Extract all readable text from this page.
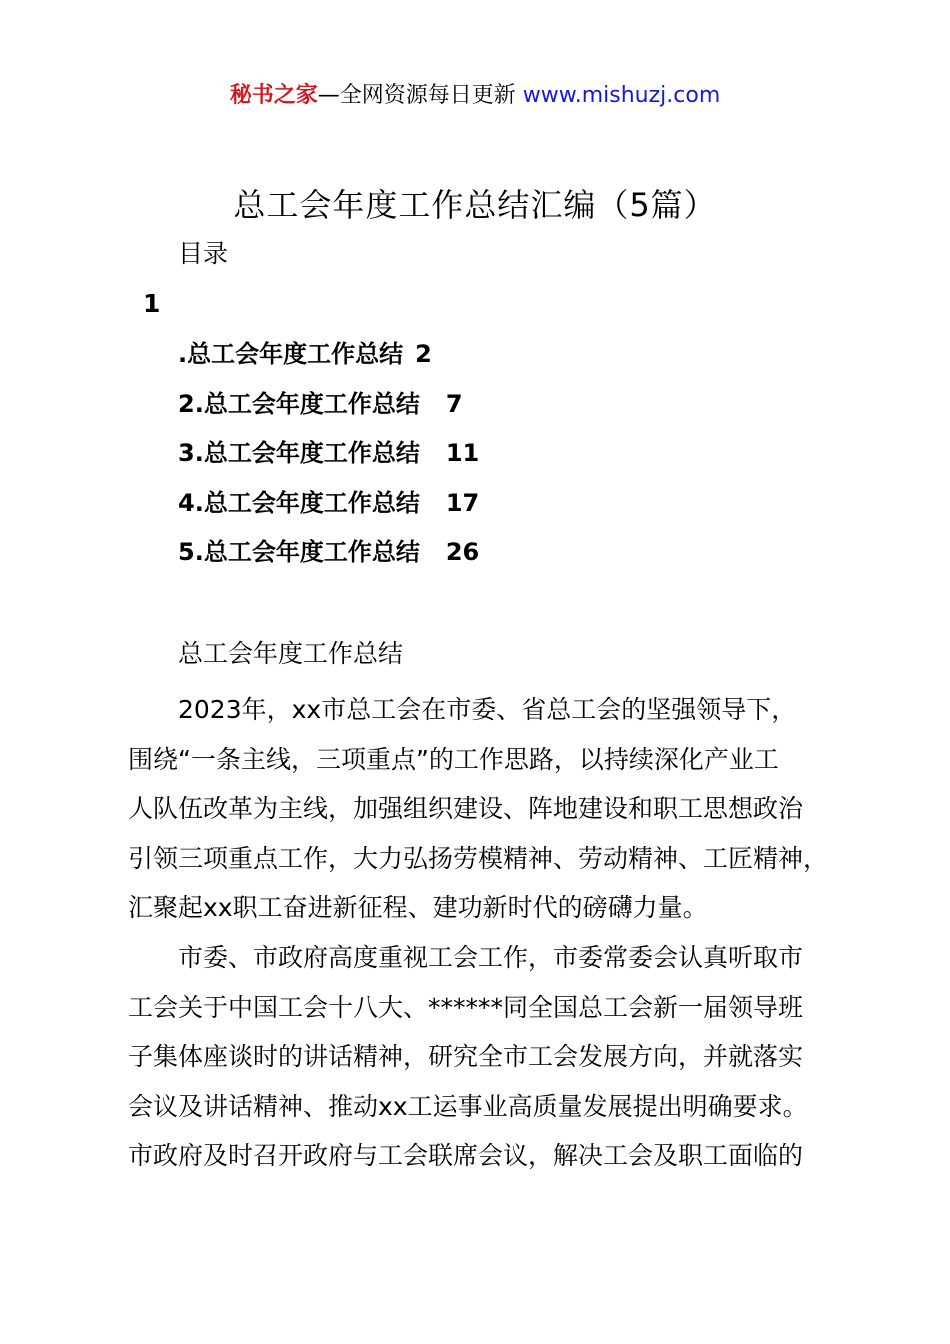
秘书之家—全网资源每日更新 www.mishuzj.com
总工会年度工作总结汇编（5篇）
目录
1
.总工会年度工作总结 2
2.总工会年度工作总结 7
3.总工会年度工作总结 11
4.总工会年度工作总结 17
5.总工会年度工作总结 26
总工会年度工作总结

2023年，xx市总工会在市委、省总工会的坚强领导下，
围绕“一条主线，三项重点”的工作思路，以持续深化产业工
人队伍改革为主线，加强组织建设、阵地建设和职工思想政治
引领三项重点工作，大力弘扬劳模精神、劳动精神、工匠精神，
汇聚起xx职工奋进新征程、建功新时代的磅礴力量。

市委、市政府高度重视工会工作，市委常委会认真听取市
工会关于中国工会十八大、******同全国总工会新一届领导班
子集体座谈时的讲话精神，研究全市工会发展方向，并就落实
会议及讲话精神、推动xx工运事业高质量发展提出明确要求。
市政府及时召开政府与工会联席会议，解决工会及职工面临的
